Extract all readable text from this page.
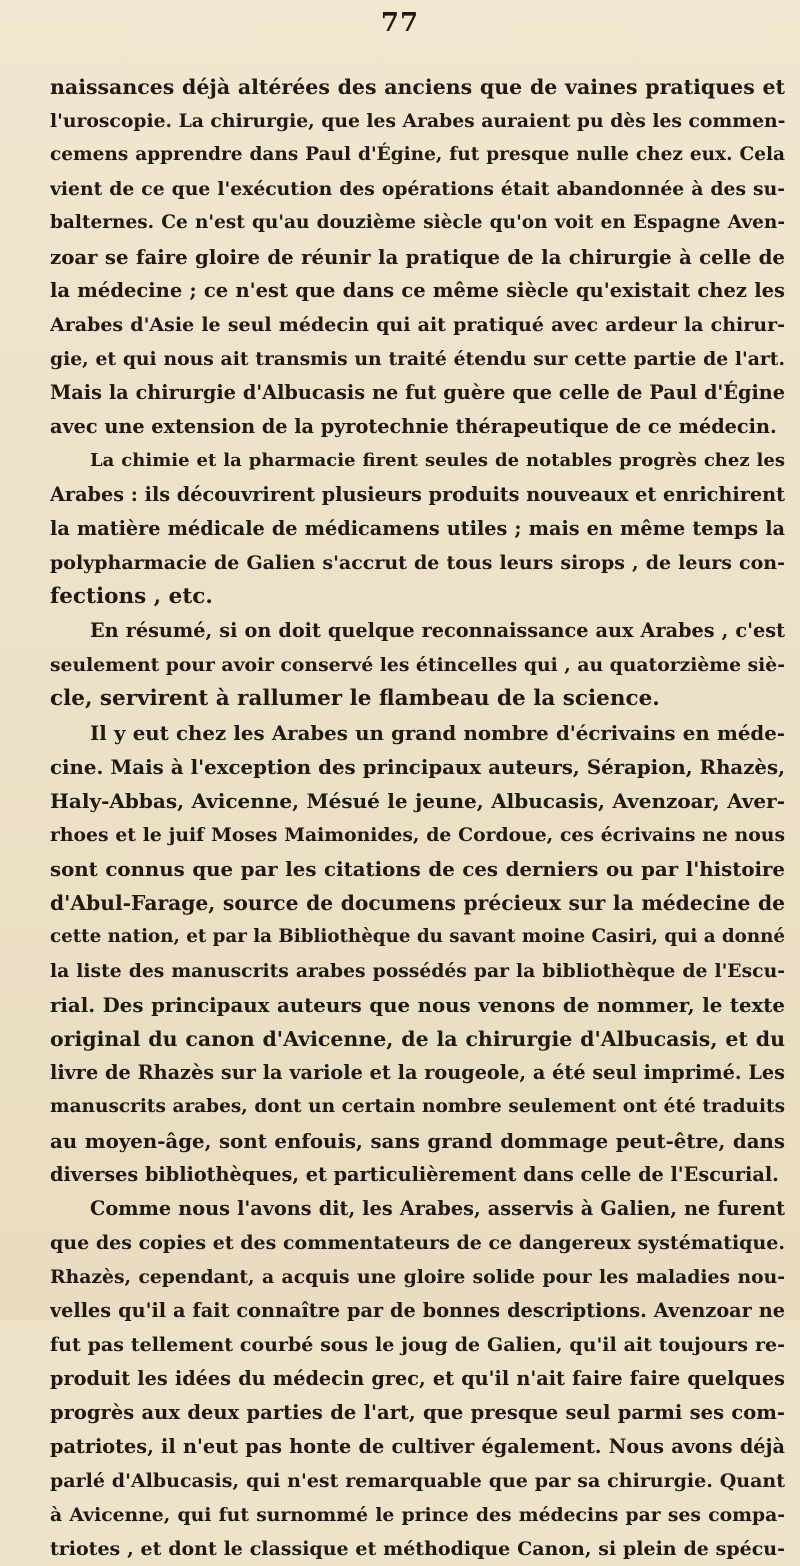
77
naissances déjà altérées des anciens que de vaines pratiques et
l'uroscopie. La chirurgie, que les Arabes auraient pu dès les commen-
cemens apprendre dans Paul d'Égine, fut presque nulle chez eux. Cela
vient de ce que l'exécution des opérations était abandonnée à des su-
balternes. Ce n'est qu'au douzième siècle qu'on voit en Espagne Aven-
zoar se faire gloire de réunir la pratique de la chirurgie à celle de
la médecine ; ce n'est que dans ce même siècle qu'existait chez les
Arabes d'Asie le seul médecin qui ait pratiqué avec ardeur la chirur-
gie, et qui nous ait transmis un traité étendu sur cette partie de l'art.
Mais la chirurgie d'Albucasis ne fut guère que celle de Paul d'Égine
avec une extension de la pyrotechnie thérapeutique de ce médecin.
La chimie et la pharmacie firent seules de notables progrès chez les
Arabes : ils découvrirent plusieurs produits nouveaux et enrichirent
la matière médicale de médicamens utiles ; mais en même temps la
polypharmacie de Galien s'accrut de tous leurs sirops , de leurs con-
fections , etc.
En résumé, si on doit quelque reconnaissance aux Arabes , c'est
seulement pour avoir conservé les étincelles qui , au quatorzième siè-
cle, servirent à rallumer le flambeau de la science.
Il y eut chez les Arabes un grand nombre d'écrivains en méde-
cine. Mais à l'exception des principaux auteurs, Sérapion, Rhazès,
Haly-Abbas, Avicenne, Mésué le jeune, Albucasis, Avenzoar, Aver-
rhoes et le juif Moses Maimonides, de Cordoue, ces écrivains ne nous
sont connus que par les citations de ces derniers ou par l'histoire
d'Abul-Farage, source de documens précieux sur la médecine de
cette nation, et par la Bibliothèque du savant moine Casiri, qui a donné
la liste des manuscrits arabes possédés par la bibliothèque de l'Escu-
rial. Des principaux auteurs que nous venons de nommer, le texte
original du canon d'Avicenne, de la chirurgie d'Albucasis, et du
livre de Rhazès sur la variole et la rougeole, a été seul imprimé. Les
manuscrits arabes, dont un certain nombre seulement ont été traduits
au moyen-âge, sont enfouis, sans grand dommage peut-être, dans
diverses bibliothèques, et particulièrement dans celle de l'Escurial.
Comme nous l'avons dit, les Arabes, asservis à Galien, ne furent
que des copies et des commentateurs de ce dangereux systématique.
Rhazès, cependant, a acquis une gloire solide pour les maladies nou-
velles qu'il a fait connaître par de bonnes descriptions. Avenzoar ne
fut pas tellement courbé sous le joug de Galien, qu'il ait toujours re-
produit les idées du médecin grec, et qu'il n'ait faire faire quelques
progrès aux deux parties de l'art, que presque seul parmi ses com-
patriotes, il n'eut pas honte de cultiver également. Nous avons déjà
parlé d'Albucasis, qui n'est remarquable que par sa chirurgie. Quant
à Avicenne, qui fut surnommé le prince des médecins par ses compa-
triotes , et dont le classique et méthodique Canon, si plein de spécu-
